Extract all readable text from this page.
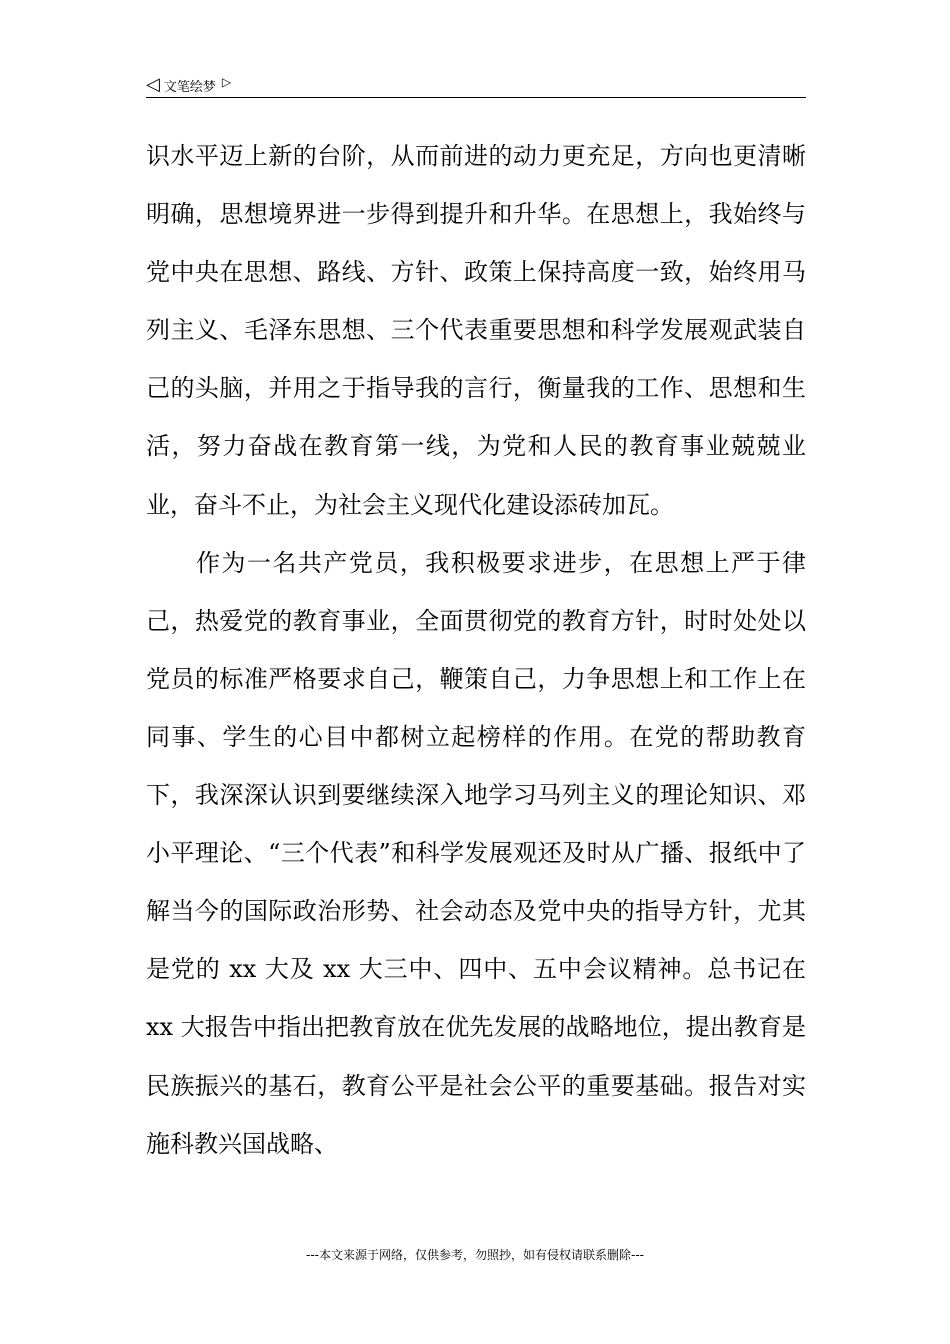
◁ 文笔绘梦 ▷

识水平迈上新的台阶，从而前进的动力更充足，方向也更清晰明确，思想境界进一步得到提升和升华。在思想上，我始终与党中央在思想、路线、方针、政策上保持高度一致，始终用马列主义、毛泽东思想、三个代表重要思想和科学发展观武装自己的头脑，并用之于指导我的言行，衡量我的工作、思想和生活，努力奋战在教育第一线，为党和人民的教育事业兢兢业业，奋斗不止，为社会主义现代化建设添砖加瓦。

作为一名共产党员，我积极要求进步，在思想上严于律己，热爱党的教育事业，全面贯彻党的教育方针，时时处处以党员的标准严格要求自己，鞭策自己，力争思想上和工作上在同事、学生的心目中都树立起榜样的作用。在党的帮助教育下，我深深认识到要继续深入地学习马列主义的理论知识、邓小平理论、“三个代表”和科学发展观还及时从广播、报纸中了解当今的国际政治形势、社会动态及党中央的指导方针，尤其是党的 xx 大及 xx 大三中、四中、五中会议精神。总书记在 xx 大报告中指出把教育放在优先发展的战略地位，提出教育是民族振兴的基石，教育公平是社会公平的重要基础。报告对实施科教兴国战略、

---本文来源于网络，仅供参考，勿照抄，如有侵权请联系删除---
